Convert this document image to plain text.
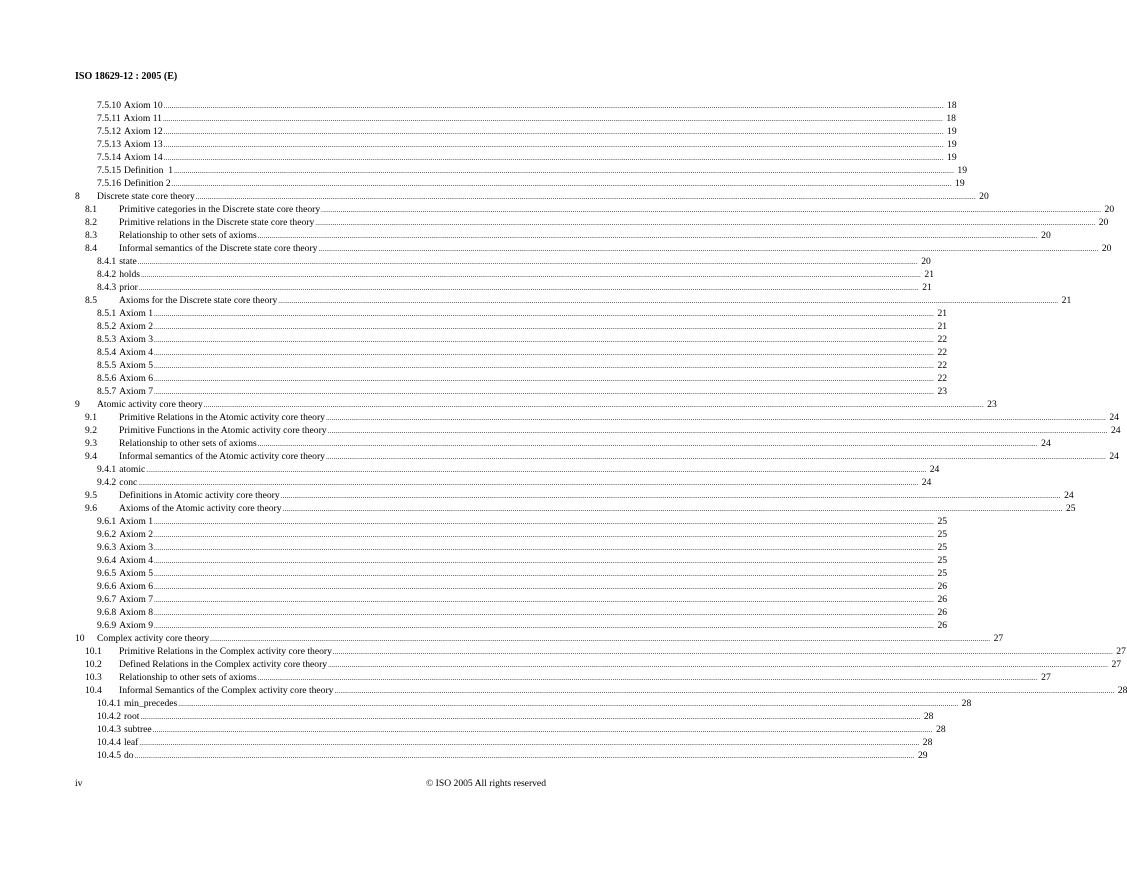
ISO 18629-12 : 2005 (E)
7.5.10 Axiom 10 ................................................................................................................................................................................................................................................................................................................................................................................................................ 18
7.5.11 Axiom 11 ................................................................................................................................................................................................................................................................................................................................................................................................................ 18
7.5.12 Axiom 12 ................................................................................................................................................................................................................................................................................................................................................................................................................ 19
7.5.13 Axiom 13 ................................................................................................................................................................................................................................................................................................................................................................................................................ 19
7.5.14 Axiom 14 ................................................................................................................................................................................................................................................................................................................................................................................................................ 19
7.5.15 Definition  1 ................................................................................................................................................................................................................................................................................................................................................................................................................ 19
7.5.16 Definition 2 ................................................................................................................................................................................................................................................................................................................................................................................................................ 19
8	Discrete state core theory ................................................................................................................................................................................................................................................................................................................................................................................................................ 20
8.1	Primitive categories in the Discrete state core theory ................................................................................................................................................................................................................................................................................................................................................................................................................ 20
8.2	Primitive relations in the Discrete state core theory ................................................................................................................................................................................................................................................................................................................................................................................................................ 20
8.3	Relationship to other sets of axioms ................................................................................................................................................................................................................................................................................................................................................................................................................ 20
8.4	Informal semantics of the Discrete state core theory ................................................................................................................................................................................................................................................................................................................................................................................................................ 20
8.4.1 state ................................................................................................................................................................................................................................................................................................................................................................................................................ 20
8.4.2 holds ................................................................................................................................................................................................................................................................................................................................................................................................................ 21
8.4.3 prior ................................................................................................................................................................................................................................................................................................................................................................................................................ 21
8.5	Axioms for the Discrete state core theory ................................................................................................................................................................................................................................................................................................................................................................................................................ 21
8.5.1 Axiom 1 ................................................................................................................................................................................................................................................................................................................................................................................................................ 21
8.5.2 Axiom 2 ................................................................................................................................................................................................................................................................................................................................................................................................................ 21
8.5.3 Axiom 3 ................................................................................................................................................................................................................................................................................................................................................................................................................ 22
8.5.4 Axiom 4 ................................................................................................................................................................................................................................................................................................................................................................................................................ 22
8.5.5 Axiom 5 ................................................................................................................................................................................................................................................................................................................................................................................................................ 22
8.5.6 Axiom 6 ................................................................................................................................................................................................................................................................................................................................................................................................................ 22
8.5.7 Axiom 7 ................................................................................................................................................................................................................................................................................................................................................................................................................ 23
9	Atomic activity core theory ................................................................................................................................................................................................................................................................................................................................................................................................................ 23
9.1	Primitive Relations in the Atomic activity core theory ................................................................................................................................................................................................................................................................................................................................................................................................................ 24
9.2	Primitive Functions in the Atomic activity core theory ................................................................................................................................................................................................................................................................................................................................................................................................................ 24
9.3	Relationship to other sets of axioms ................................................................................................................................................................................................................................................................................................................................................................................................................ 24
9.4	Informal semantics of the Atomic activity core theory ................................................................................................................................................................................................................................................................................................................................................................................................................ 24
9.4.1 atomic ................................................................................................................................................................................................................................................................................................................................................................................................................ 24
9.4.2 conc ................................................................................................................................................................................................................................................................................................................................................................................................................ 24
9.5	Definitions in Atomic activity core theory ................................................................................................................................................................................................................................................................................................................................................................................................................ 24
9.6	Axioms of the Atomic activity core theory ................................................................................................................................................................................................................................................................................................................................................................................................................ 25
9.6.1 Axiom 1 ................................................................................................................................................................................................................................................................................................................................................................................................................ 25
9.6.2 Axiom 2 ................................................................................................................................................................................................................................................................................................................................................................................................................ 25
9.6.3 Axiom 3 ................................................................................................................................................................................................................................................................................................................................................................................................................ 25
9.6.4 Axiom 4 ................................................................................................................................................................................................................................................................................................................................................................................................................ 25
9.6.5 Axiom 5 ................................................................................................................................................................................................................................................................................................................................................................................................................ 25
9.6.6 Axiom 6 ................................................................................................................................................................................................................................................................................................................................................................................................................ 26
9.6.7 Axiom 7 ................................................................................................................................................................................................................................................................................................................................................................................................................ 26
9.6.8 Axiom 8 ................................................................................................................................................................................................................................................................................................................................................................................................................ 26
9.6.9 Axiom 9 ................................................................................................................................................................................................................................................................................................................................................................................................................ 26
10	Complex activity core theory ................................................................................................................................................................................................................................................................................................................................................................................................................ 27
10.1	Primitive Relations in the Complex activity core theory ................................................................................................................................................................................................................................................................................................................................................................................................................ 27
10.2	Defined Relations in the Complex activity core theory ................................................................................................................................................................................................................................................................................................................................................................................................................ 27
10.3	Relationship to other sets of axioms ................................................................................................................................................................................................................................................................................................................................................................................................................ 27
10.4	Informal Semantics of the Complex activity core theory ................................................................................................................................................................................................................................................................................................................................................................................................................ 28
10.4.1 min_precedes ................................................................................................................................................................................................................................................................................................................................................................................................................ 28
10.4.2 root ................................................................................................................................................................................................................................................................................................................................................................................................................ 28
10.4.3 subtree ................................................................................................................................................................................................................................................................................................................................................................................................................ 28
10.4.4 leaf ................................................................................................................................................................................................................................................................................................................................................................................................................ 28
10.4.5 do ................................................................................................................................................................................................................................................................................................................................................................................................................ 29
iv	© ISO 2005 All rights reserved
